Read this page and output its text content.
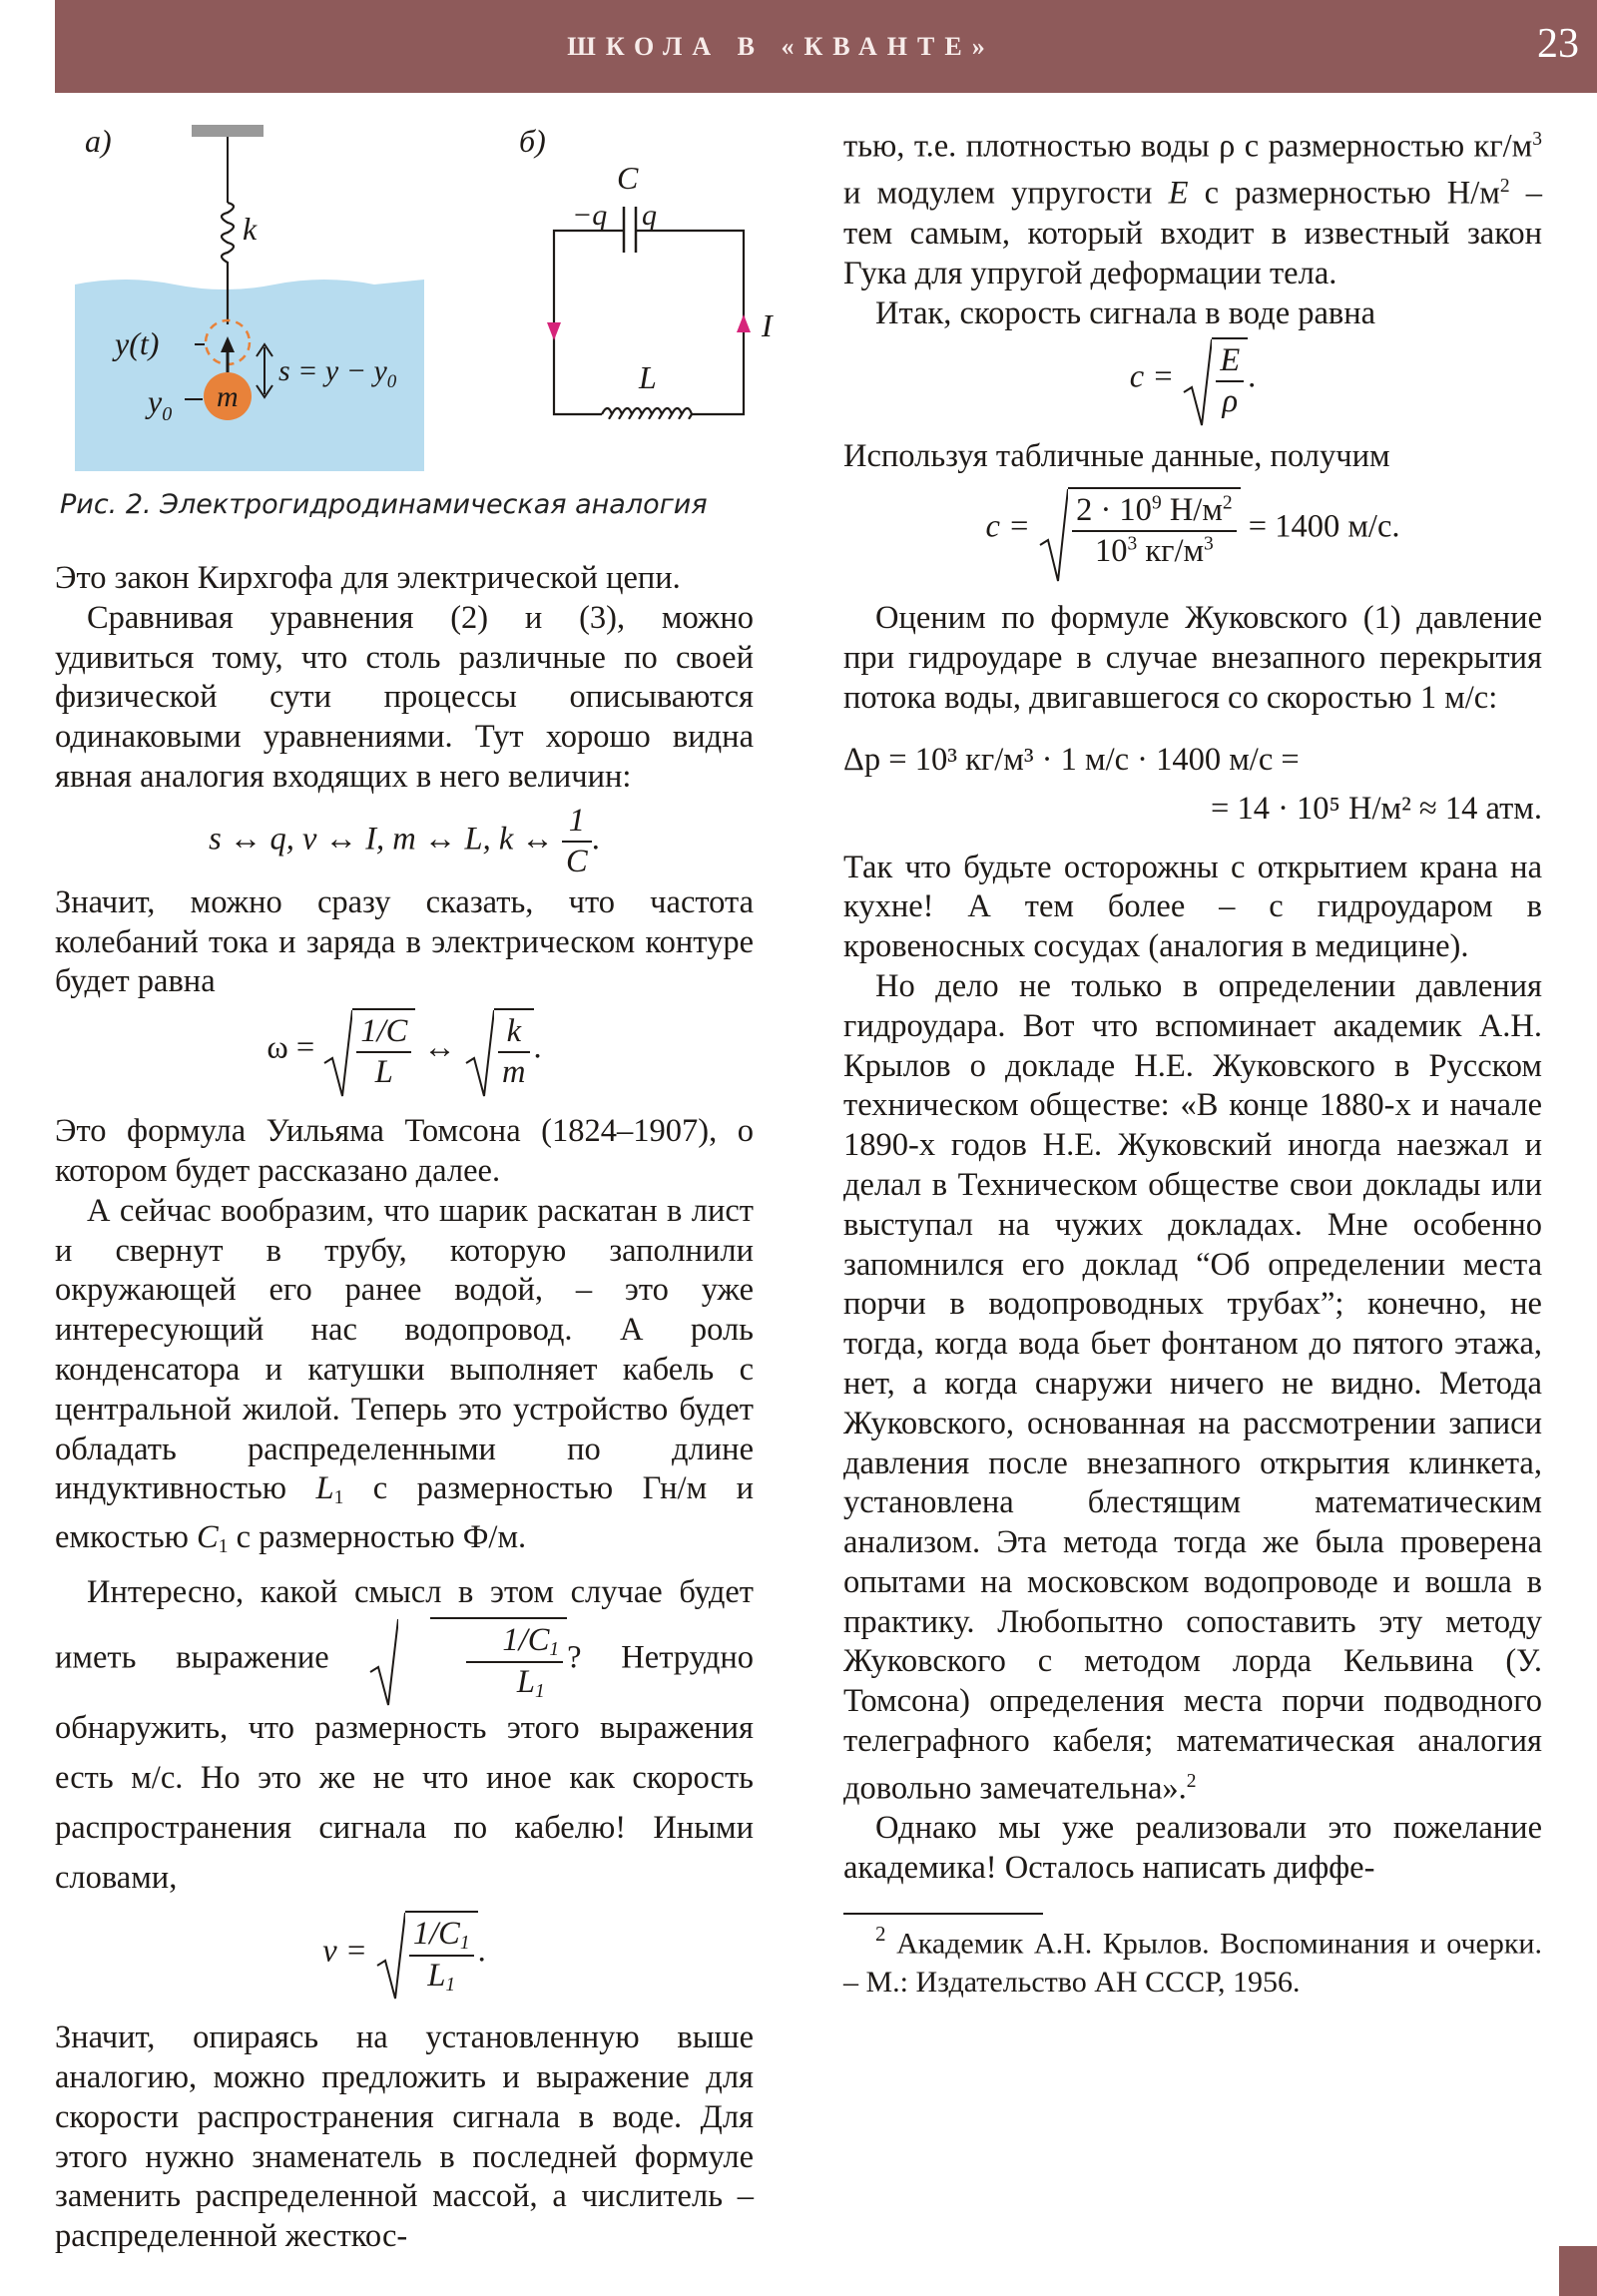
ШКОЛА В «КВАНТЕ»	23
а)	б)
k
y(t)
m
$y_0$
$s = y - y_0$
C
−q q
L
I
Рис. 2. Электрогидродинамическая аналогия

Это закон Кирхгофа для электрической цепи.

Сравнивая уравнения (2) и (3), можно удивиться тому, что столь различные по своей физической сути процессы описываются одинаковыми уравнениями. Тут хорошо видна явная аналогия входящих в него величин:

s ↔ q, v ↔ I, m ↔ L, k ↔ $\frac{1}{C}$ .

Значит, можно сразу сказать, что частота колебаний тока и заряда в электрическом контуре будет равна

$\omega = \frac{1/C}{L}$ ↔ $\frac{k}{m}$ .

Это формула Уильяма Томсона (1824–1907), о котором будет рассказано далее.

А сейчас вообразим, что шарик раскатан в лист и свернут в трубу, которую заполнили окружающей его ранее водой, – это уже интересующий нас водопровод. А роль конденсатора и катушки выполняет кабель с центральной жилой. Теперь это устройство будет обладать распределенными по длине индуктивностью $L_1$ с размерностью Гн/м и емкостью $C_1$ с размерностью Ф/м.

Интересно, какой смысл в этом случае будет иметь выражение	$\frac{1/C_1}{L_1}$ ? Нетрудно обнаружить, что размерность этого выражения есть м/с. Но это же не что иное как скорость распространения сигнала по кабелю! Иными словами,

$v = \frac{1/C_1}{L_1}$ .

Значит, опираясь на установленную выше аналогию, можно предложить и выражение для скорости распространения сигнала в воде. Для этого нужно знаменатель в последней формуле заменить распределенной массой, а числитель – распределенной жесткос-

тью, т.е. плотностью воды ρ с размерностью $кг/м^3$ и модулем упругости E с размерностью $Н/м^2$ – тем самым, который входит в известный закон Гука для упругой деформации тела.

Итак, скорость сигнала в воде равна

$c = \frac{E}{\rho}$ .

Используя табличные данные, получим

$c = \frac{2 \cdot 10^9 Н/м^2}{10^3 кг/м^3} = 1400$ м/с.

Оценим по формуле Жуковского (1) давление при гидроударе в случае внезапного перекрытия потока воды, двигавшегося со скоростью 1 м/с:

Δp = 10³ кг/м³ · 1 м/с · 1400 м/с =
= 14 · 10⁵ Н/м² ≈ 14 атм.

Так что будьте осторожны с открытием крана на кухне! А тем более – с гидроударом в кровеносных сосудах (аналогия в медицине).

Но дело не только в определении давления гидроудара. Вот что вспоминает академик А.Н. Крылов о докладе Н.Е. Жуковского в Русском техническом обществе: «В конце 1880-х и начале 1890-х годов Н.Е. Жуковский иногда наезжал и делал в Техническом обществе свои доклады или выступал на чужих докладах. Мне особенно запомнился его доклад “Об определении места порчи в водопроводных трубах”; конечно, не тогда, когда вода бьет фонтаном до пятого этажа, нет, а когда снаружи ничего не видно. Метода Жуковского, основанная на рассмотрении записи давления после внезапного открытия клинкета, установлена блестящим математическим анализом. Эта метода тогда же была проверена опытами на московском водопроводе и вошла в практику. Любопытно сопоставить эту методу Жуковского с методом лорда Кельвина (У. Томсона) определения места порчи подводного телеграфного кабеля; математическая аналогия довольно замечательна».$^2$

Однако мы уже реализовали это пожелание академика! Осталось написать диффе-

$^2$ Академик А.Н. Крылов. Воспоминания и очерки. – М.: Издательство АН СССР, 1956.
